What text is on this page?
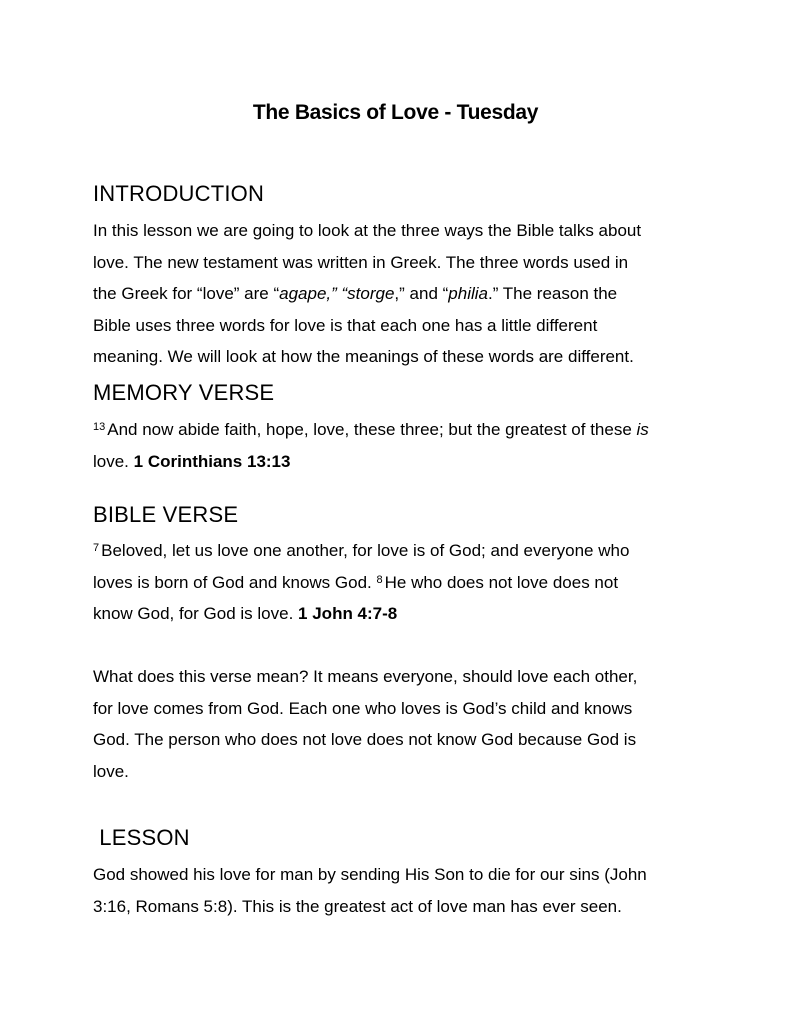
The Basics of Love - Tuesday
INTRODUCTION
In this lesson we are going to look at the three ways the Bible talks about
love. The new testament was written in Greek. The three words used in
the Greek for “love” are “agape,” “storge,” and “philia.” The reason the
Bible uses three words for love is that each one has a little different
meaning. We will look at how the meanings of these words are different.
MEMORY VERSE
$^{13}$ And now abide faith, hope, love, these three; but the greatest of these is
love. 1 Corinthians 13:13
BIBLE VERSE
$^7$ Beloved, let us love one another, for love is of God; and everyone who
loves is born of God and knows God. $^8$ He who does not love does not
know God, for God is love. 1 John 4:7-8
What does this verse mean? It means everyone, should love each other,
for love comes from God. Each one who loves is God’s child and knows
God. The person who does not love does not know God because God is
love.
LESSON
God showed his love for man by sending His Son to die for our sins (John
3:16, Romans 5:8). This is the greatest act of love man has ever seen.
